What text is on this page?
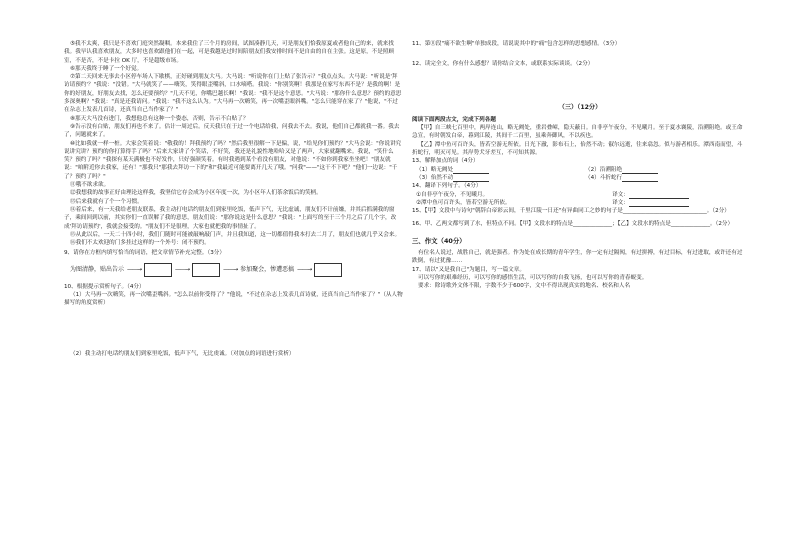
⑤我不太爽，我只是不喜欢门庭突然凝咽。本来我住了三个月的房间，试图凑静几天，可是朋友们恰我原夏或者他自己的来，就来找我。我早认我喜欢朋友，大多时也喜欢跟他们在一起，可是我越是过时间陪朋友们我安排时间不是自由的自在主张。这是原，不是照顾室，不是否，不是卡拉 OK 厅，不是超级市场。

⑥那天我终于睡了一个好觉。

⑦第二天回来无事去小区停车场人下歇棋，正好碰到朋友大马。大马说："听说你在门上贴了张告示？"我点点头。大马说："听说是'拜访请预约'？"我说："没错。"大马就笑了——嗨笑，笑得眼歪嘴斜，口水嘀嗒。我说："你别笑啊！我那是在家写东西不是？是我的啊！是你的好朋友，好朋友去找，怎么还要预约？"几天不见，你嘴巴越长啊！"我说："我不是这个意思。"大马说："那你什么意思？预约的意思多深奥啊？"我说："真是还我请问。"我说："我不这么认为。"大马再一次嗨笑，再一次嘴歪眼斜嘴。"怎么只能穿在家了？"他说，"不过在杂志上发表几首诗，还真当自己当作家了？"

⑧那天大马没有进门，我想他总有这种一个姿态，否则，告示不白贴了？

⑨告示没有白贴，朋友们再也不来了。估计一周过后。反天我只在于过一个电话给我，问我去不去。我说，他们自己都就我一番。我去了，问题就来了。

⑩比如我就一样一桩。大家会笑着说："敬我的！拜我预约了吗？"然后我里很解一下是偏，说，"给见你们预约？"大马会说："你说讲究说讲究讲？预约的你打算得手了吗？"后来大家讲了个笑话，不好笑，我还是礼貌性地哈哈又是了两声，大家就翻嘴来。我说，"笑什么笑？预约了吗？"我探有某天满极也不好发作，只好强颜笑着。有时我遇到某个看没有朋友，对他说："不如你到我家坐坐吧！"朋友就说："咱附近你去我家，还有！"那我只"那我去拜访一下的"和"我最近可能要离开几天了哦。"问我"——"这干不下吧？"他们一边说："千了？预约了吗？"

⑪哦不欲求欲。

⑫我想我的故事正好由理论这样我，我坚信它存会成为小区年度一次，为小区年人们茶余饭后的笑柄。

⑬后来我就有了个一个习惯。

⑭着后来，有一天我给老朋友联系，我主动打电话约朋友们到家里吃饭，低声下气，无比虚诚，朋友们不计前嫌，并其后抓满我的窗子，乘间回到以前，其实你们一直误解了我的意思，朋友们说："那你说这是什么意思？"我说："上面写的至于三个月之后了几个字，改成'拜访请预约'，我就会接受的。"朋友们不是很理，大家也就把我的事情扯了。

⑮从此以后，一天二十四小时，我们门随时可能被敲响敲门声，并且我知道，这一切都值得我本打去二月了，朋友们也就几乎又会来。

⑯我们不太欢迎的门多挂过这样的一个外号：闭不预约。

9、请你在方框内填写恰当的词语，把文章情节补充完整。（3分）

为图清静，贴出告示 ——→	——→	——→ 参加聚会，惨遭恶搞 ——→

10、根据提示赏析句子。（4分）

（1）大马再一次嗨笑，再一次嘴歪嘴斜。"怎么以前你受得了？"他说，"不过在杂志上发表几首诗就，还真当自己当作家了？"（从人物描写的角度赏析）

（2）我主动打电话约朋友们到家里吃饭，低声下气，无比虔诚。（对加点的词语进行赏析）

11、第⑪段"痛不欲生啊"单独成段，请说说其中的"痛"包含怎样的思想感情。（3分）

12、读完全文，你有什么感想？请你结合文本，或联系实际谈谈。（2分）

（三）（12分）

阅读下面两段古文，完成下列各题

【甲】自三峡七百里中，两岸连山，略无阙处，重岩叠嶂，隐天蔽日。自非亭午夜分，不见曦月。至于夏水襄陵，沿溯阻绝。或王命急宣，有时朝发白帝，暮到江陵，其间千二百里，虽乘奔御风，不以疾也。

【乙】潭中鱼可百许头，皆若空游无所依。日光下澈，影布石上，佁然不动；俶尔远逝，往来翕忽。似与游者相乐。潭西南而望，斗折蛇行，明灭可见。其岸势犬牙差互，不可知其源。

13、解释加点的词（4分）

（1）略无阙处	（2）沿溯阻绝
（3）佁然不动	（4）斗折蛇行

14、翻译下列句子。（4分）

①自非亭午夜分，不见曦月。	译文：
②潭中鱼可百许头，皆若空游无所依。	译文：

15、【甲】文段中与诗句"朝辞白帝彩云间，千里江陵一日还"有异曲同工之妙的句子是______________________________。（2分）

16、甲、乙两文都写到了水，但特点不同。【甲】文段水的特点是______________；【乙】文段水的特点是______________。（2分）

三、作文（40分）

有位名人说过，战胜自己，就是强者。作为处在成长期的青年学生，你一定有过隔阂，有过拼搏，有过目标，有过进取，或许还有过跌倒，有过犹豫……

17、请以"又是我自己"为题目，写一篇文章。

可以写你的艰难经历，可以写你的感悟生活，可以写你的自我飞扬，也可以写你的青春蜕变。

要求：除诗歌外文体不限，字数不少于600字，文中不得出现真实的地名、校名和人名
